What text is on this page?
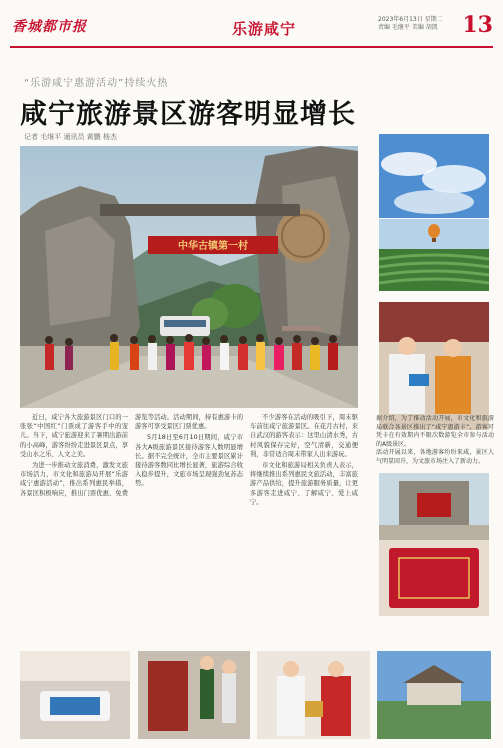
香城都市报	乐游咸宁
2023年6月13日 星期二
责编 毛继平 美编 胡凯	13
“乐游咸宁惠游活动”持续火热
咸宁旅游景区游客明显增长
记者 毛继平 通讯员 黄鹏 杨杰
中华古镇第一村

近日，咸宁各大旅游景区门口的一张张“中国红”门票成了游客手中的宠儿。当下，咸宁旅游迎来了暑期出游前的小高峰，游客纷纷走进景区景点，享受山水之乐、人文之美。

为进一步推动文旅消费，激发文旅市场活力，市文化和旅游局开展“乐游咸宁惠游活动”，推出系列惠民举措，各景区积极响应，推出门票优惠、免费游览等活动。活动期间，持有惠游卡的游客可享受景区门票优惠。

5月18日至6月10日期间，咸宁市各大A级旅游景区接待游客人数明显增长。据不完全统计，全市主要景区累计接待游客数同比增长显著，旅游综合收入稳步提升，文旅市场呈现强劲复苏态势。

不少游客在活动的吸引下，周末驱车前往咸宁旅游景区。在花月古村，来自武汉的游客表示：这里山清水秀，古村风貌保存完好，空气清新，交通便利，非常适合周末带家人出来游玩。

市文化和旅游局相关负责人表示，将继续推出系列惠民文旅活动，丰富旅游产品供给，提升旅游服务质量，让更多游客走进咸宁、了解咸宁、爱上咸宁。

据介绍，为了推动活动开展，市文化和旅游局联合各景区推出了“咸宁惠游卡”，游客可凭卡在有效期内不限次数游览全市参与活动的A级景区。
活动开展以来，各地游客纷纷来咸，景区人气明显回升，为文旅市场注入了新动力。
